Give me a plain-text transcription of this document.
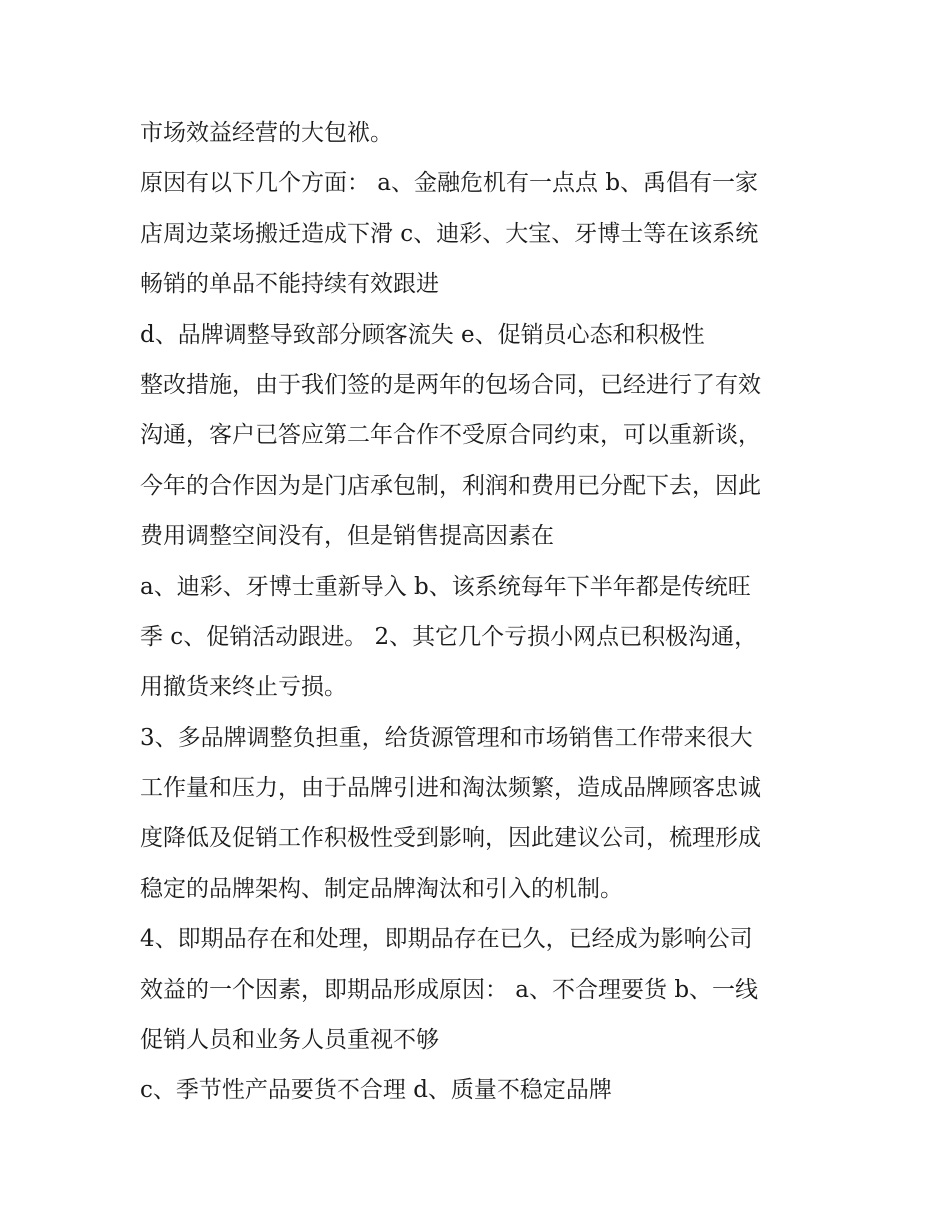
市场效益经营的大包袱。
原因有以下几个方面： a、金融危机有一点点 b、禹倡有一家
店周边菜场搬迁造成下滑 c、迪彩、大宝、牙博士等在该系统
畅销的单品不能持续有效跟进
d、品牌调整导致部分顾客流失 e、促销员心态和积极性
整改措施，由于我们签的是两年的包场合同，已经进行了有效
沟通，客户已答应第二年合作不受原合同约束，可以重新谈，
今年的合作因为是门店承包制，利润和费用已分配下去，因此
费用调整空间没有，但是销售提高因素在
a、迪彩、牙博士重新导入 b、该系统每年下半年都是传统旺
季 c、促销活动跟进。 2、其它几个亏损小网点已积极沟通，
用撤货来终止亏损。
3、多品牌调整负担重，给货源管理和市场销售工作带来很大
工作量和压力，由于品牌引进和淘汰频繁，造成品牌顾客忠诚
度降低及促销工作积极性受到影响，因此建议公司，梳理形成
稳定的品牌架构、制定品牌淘汰和引入的机制。
4、即期品存在和处理，即期品存在已久，已经成为影响公司
效益的一个因素，即期品形成原因： a、不合理要货 b、一线
促销人员和业务人员重视不够
c、季节性产品要货不合理 d、质量不稳定品牌
